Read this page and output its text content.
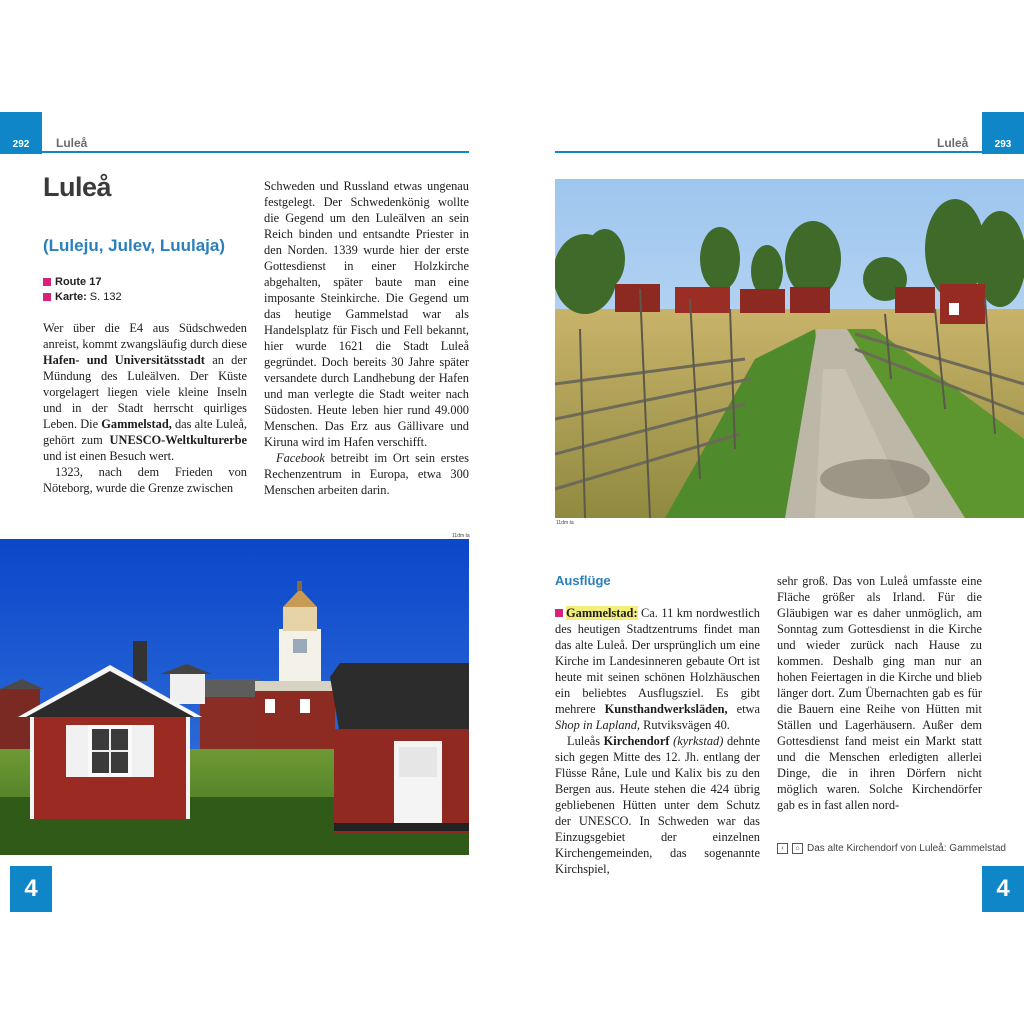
292	Luleå
Luleå
(Luleju, Julev, Luulaja)
Route 17
Karte: S. 132

Wer über die E4 aus Südschweden anreist, kommt zwangsläufig durch diese Hafen- und Universitätsstadt an der Mündung des Luleälven. Der Küste vorgelagert liegen viele kleine Inseln und in der Stadt herrscht quirliges Leben. Die Gammelstad, das alte Luleå, gehört zum UNESCO-Weltkulturerbe und ist einen Besuch wert.

1323, nach dem Frieden von Nöteborg, wurde die Grenze zwischen

Schweden und Russland etwas ungenau festgelegt. Der Schwedenkönig wollte die Gegend um den Luleälven an sein Reich binden und entsandte Priester in den Norden. 1339 wurde hier der erste Gottesdienst in einer Holzkirche abgehalten, später baute man eine imposante Steinkirche. Die Gegend um das heutige Gammelstad war als Handelsplatz für Fisch und Fell bekannt, hier wurde 1621 die Stadt Luleå gegründet. Doch bereits 30 Jahre später versandete durch Landhebung der Hafen und man verlegte die Stadt weiter nach Südosten. Heute leben hier rund 49.000 Menschen. Das Erz aus Gällivare und Kiruna wird im Hafen verschifft.

Facebook betreibt im Ort sein erstes Rechenzentrum in Europa, etwa 300 Menschen arbeiten darin.

11dm ta
4
Luleå	293
11dm ta
Ausflüge

Gammelstad: Ca. 11 km nordwestlich des heutigen Stadtzentrums findet man das alte Luleå. Der ursprünglich um eine Kirche im Landesinneren gebaute Ort ist heute mit seinen schönen Holzhäuschen ein beliebtes Ausflugsziel. Es gibt mehrere Kunsthandwerksläden, etwa Shop in Lapland, Rutviksvägen 40.

Luleås Kirchendorf (kyrkstad) dehnte sich gegen Mitte des 12. Jh. entlang der Flüsse Råne, Lule und Kalix bis zu den Bergen aus. Heute stehen die 424 übrig gebliebenen Hütten unter dem Schutz der UNESCO. In Schweden war das Einzugsgebiet der einzelnen Kirchengemeinden, das sogenannte Kirchspiel,

sehr groß. Das von Luleå umfasste eine Fläche größer als Irland. Für die Gläubigen war es daher unmöglich, am Sonntag zum Gottesdienst in die Kirche und wieder zurück nach Hause zu kommen. Deshalb ging man nur an hohen Feiertagen in die Kirche und blieb länger dort. Zum Übernachten gab es für die Bauern eine Reihe von Hütten mit Ställen und Lagerhäusern. Außer dem Gottesdienst fand meist ein Markt statt und die Menschen erledigten allerlei Dinge, die in ihren Dörfern nicht möglich waren. Solche Kirchendörfer gab es in fast allen nord-

‹	⌂ Das alte Kirchendorf von Luleå: Gammelstad
4
